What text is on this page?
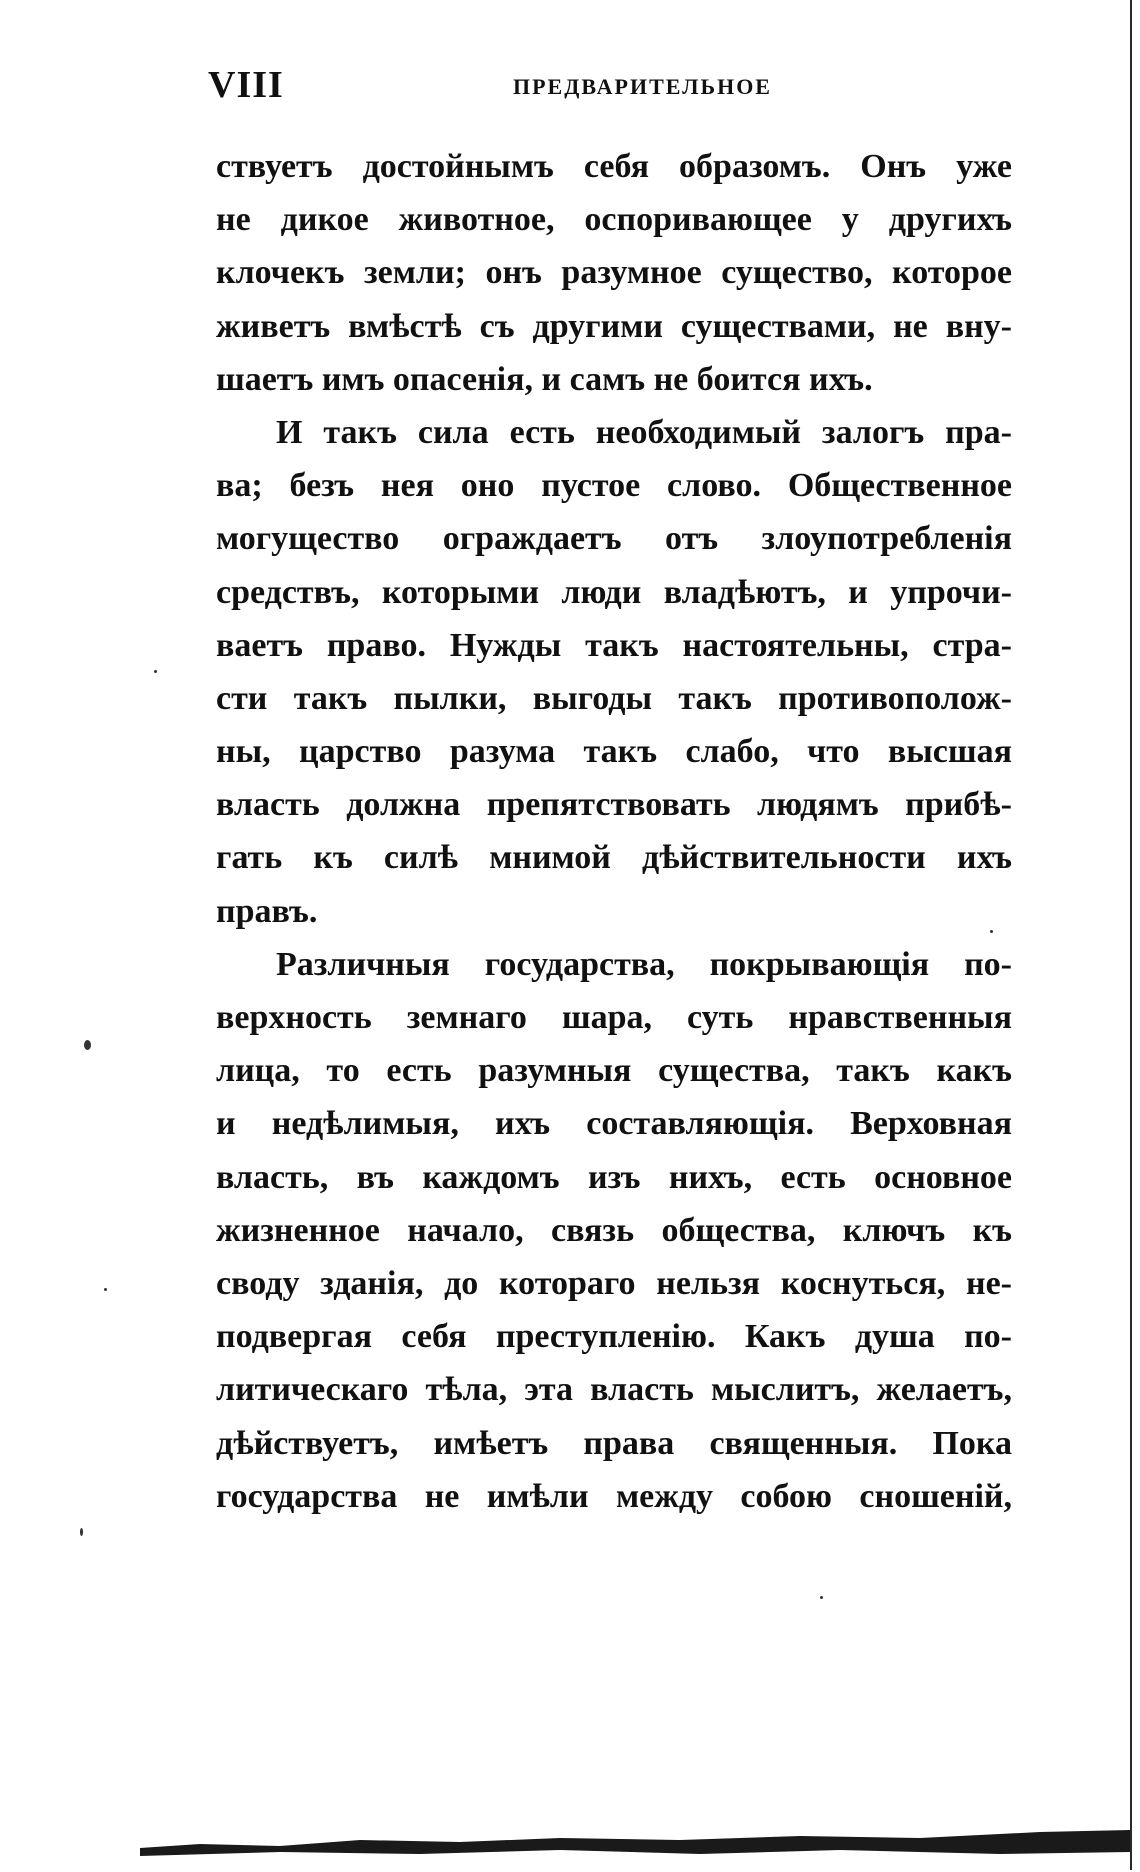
VIII	ПРЕДВАРИТЕЛЬНОЕ
ствуетъ достойнымъ себя образомъ. Онъ уже
не дикое животное, оспоривающее у другихъ
клочекъ земли; онъ разумное существо, которое
живетъ вмѣстѣ съ другими существами, не вну-
шаетъ имъ опасенія, и самъ не боится ихъ.
И такъ сила есть необходимый залогъ пра-
ва; безъ нея оно пустое слово. Общественное
могущество ограждаетъ отъ злоупотребленія
средствъ, которыми люди владѣютъ, и упрочи-
ваетъ право. Нужды такъ настоятельны, стра-
сти такъ пылки, выгоды такъ противополож-
ны, царство разума такъ слабо, что высшая
власть должна препятствовать людямъ прибѣ-
гать къ силѣ мнимой дѣйствительности ихъ
правъ.
Различныя государства, покрывающія по-
верхность земнаго шара, суть нравственныя
лица, то есть разумныя существа, такъ какъ
и недѣлимыя, ихъ составляющія. Верховная
власть, въ каждомъ изъ нихъ, есть основное
жизненное начало, связь общества, ключъ къ
своду зданія, до котораго нельзя коснуться, не-
подвергая себя преступленію. Какъ душа по-
литическаго тѣла, эта власть мыслитъ, желаетъ,
дѣйствуетъ, имѣетъ права священныя. Пока
государства не имѣли между собою сношеній,
